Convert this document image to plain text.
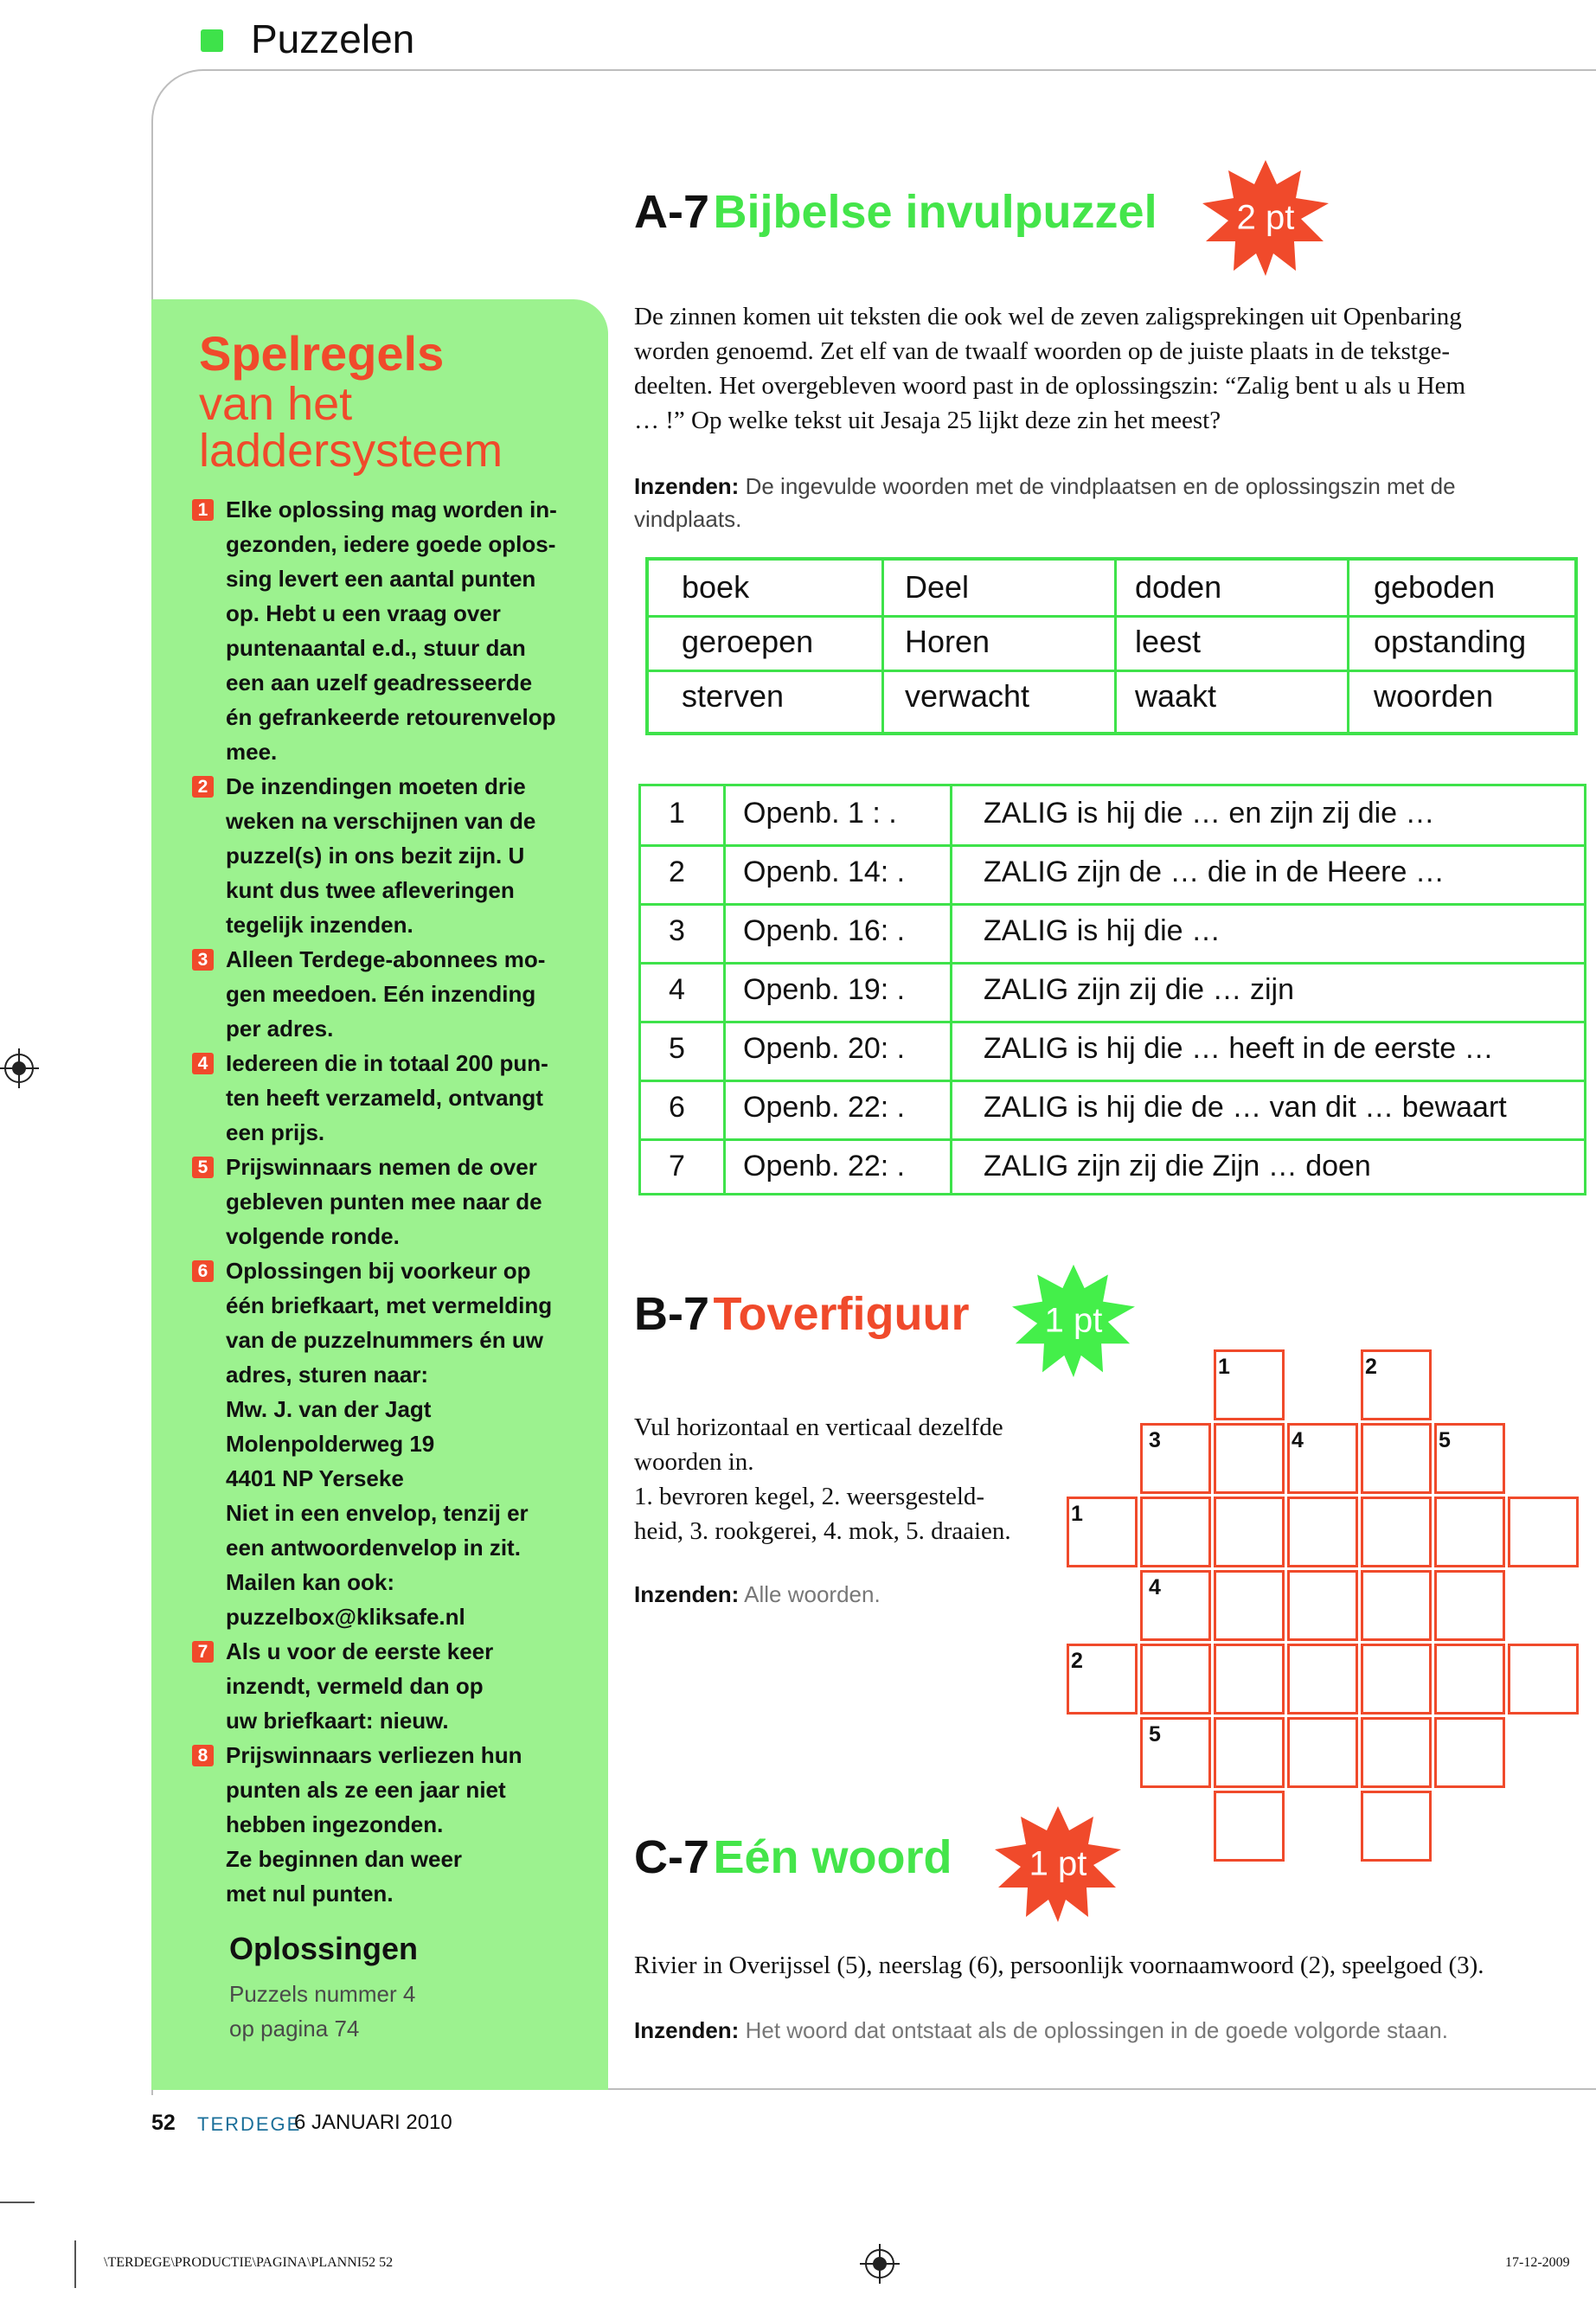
Puzzelen
Spelregels
van het
laddersysteem
1 Elke oplossing mag worden in-
gezonden, iedere goede oplos-
sing levert een aantal punten
op. Hebt u een vraag over
puntenaantal e.d., stuur dan
een aan uzelf geadresseerde
én gefrankeerde retourenvelop
mee.
2 De inzendingen moeten drie
weken na verschijnen van de
puzzel(s) in ons bezit zijn. U
kunt dus twee afleveringen
tegelijk inzenden.
3 Alleen Terdege-abonnees mo-
gen meedoen. Eén inzending
per adres.
4 Iedereen die in totaal 200 pun-
ten heeft verzameld, ontvangt
een prijs.
5 Prijswinnaars nemen de over
gebleven punten mee naar de
volgende ronde.
6 Oplossingen bij voorkeur op
één briefkaart, met vermelding
van de puzzelnummers én uw
adres, sturen naar:
Mw. J. van der Jagt
Molenpolderweg 19
4401 NP Yerseke
Niet in een envelop, tenzij er
een antwoordenvelop in zit.
Mailen kan ook:
puzzelbox@kliksafe.nl
7 Als u voor de eerste keer
inzendt, vermeld dan op
uw briefkaart: nieuw.
8 Prijswinnaars verliezen hun
punten als ze een jaar niet
hebben ingezonden.
Ze beginnen dan weer
met nul punten.
Oplossingen
Puzzels nummer 4
op pagina 74
A-7 Bijbelse invulpuzzel	2 pt
De zinnen komen uit teksten die ook wel de zeven zaligsprekingen uit Openbaring
worden genoemd. Zet elf van de twaalf woorden op de juiste plaats in de tekstge-
deelten. Het overgebleven woord past in de oplossingszin: “Zalig bent u als u Hem
… !” Op welke tekst uit Jesaja 25 lijkt deze zin het meest?
Inzenden: De ingevulde woorden met de vindplaatsen en de oplossingszin met de
vindplaats.
boek	Deel	doden	geboden
geroepen	Horen	leest	opstanding
sterven	verwacht	waakt	woorden
1 Openb. 1 : .	ZALIG is hij die … en zijn zij die …
2 Openb. 14: .	ZALIG zijn de … die in de Heere …
3 Openb. 16: .	ZALIG is hij die …
4 Openb. 19: .	ZALIG zijn zij die … zijn
5 Openb. 20: .	ZALIG is hij die … heeft in de eerste …
6 Openb. 22: .	ZALIG is hij die de … van dit … bewaart
7 Openb. 22: .	ZALIG zijn zij die Zijn … doen
B-7 Toverfiguur	1 pt
Vul horizontaal en verticaal dezelfde
woorden in.
1. bevroren kegel, 2. weersgesteld-
heid, 3. rookgerei, 4. mok, 5. draaien.
Inzenden: Alle woorden.
1	2
3	4	5
1
4
2
5
C-7 Eén woord	1 pt
Rivier in Overijssel (5), neerslag (6), persoonlijk voornaamwoord (2), speelgoed (3).
Inzenden: Het woord dat ontstaat als de oplossingen in de goede volgorde staan.
52 TERDEGE
6 JANUARI 2010
\TERDEGE\PRODUCTIE\PAGINA\PLANNI52 52	17-12-2009
